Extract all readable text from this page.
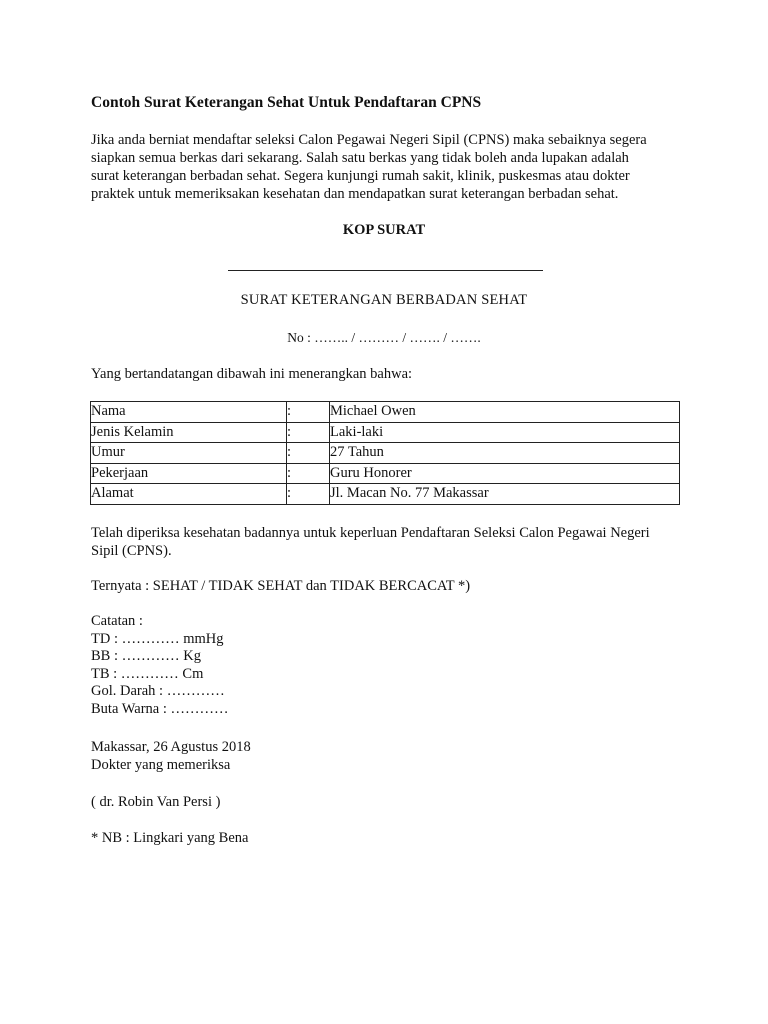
Contoh Surat Keterangan Sehat Untuk Pendaftaran CPNS
Jika anda berniat mendaftar seleksi Calon Pegawai Negeri Sipil (CPNS) maka sebaiknya segera
siapkan semua berkas dari sekarang. Salah satu berkas yang tidak boleh anda lupakan adalah
surat keterangan berbadan sehat. Segera kunjungi rumah sakit, klinik, puskesmas atau dokter
praktek untuk memeriksakan kesehatan dan mendapatkan surat keterangan berbadan sehat.
KOP SURAT
SURAT KETERANGAN BERBADAN SEHAT
No : …….. / ……… / ……. / …….
Yang bertandatangan dibawah ini menerangkan bahwa:
Nama	:	Michael Owen
Jenis Kelamin	:	Laki-laki
Umur	:	27 Tahun
Pekerjaan	:	Guru Honorer
Alamat	:	Jl. Macan No. 77 Makassar
Telah diperiksa kesehatan badannya untuk keperluan Pendaftaran Seleksi Calon Pegawai Negeri
Sipil (CPNS).
Ternyata : SEHAT / TIDAK SEHAT dan TIDAK BERCACAT *)
Catatan :
TD : ………… mmHg
BB : ………… Kg
TB : ………… Cm
Gol. Darah : …………
Buta Warna : …………
Makassar, 26 Agustus 2018
Dokter yang memeriksa
( dr. Robin Van Persi )
* NB : Lingkari yang Bena
